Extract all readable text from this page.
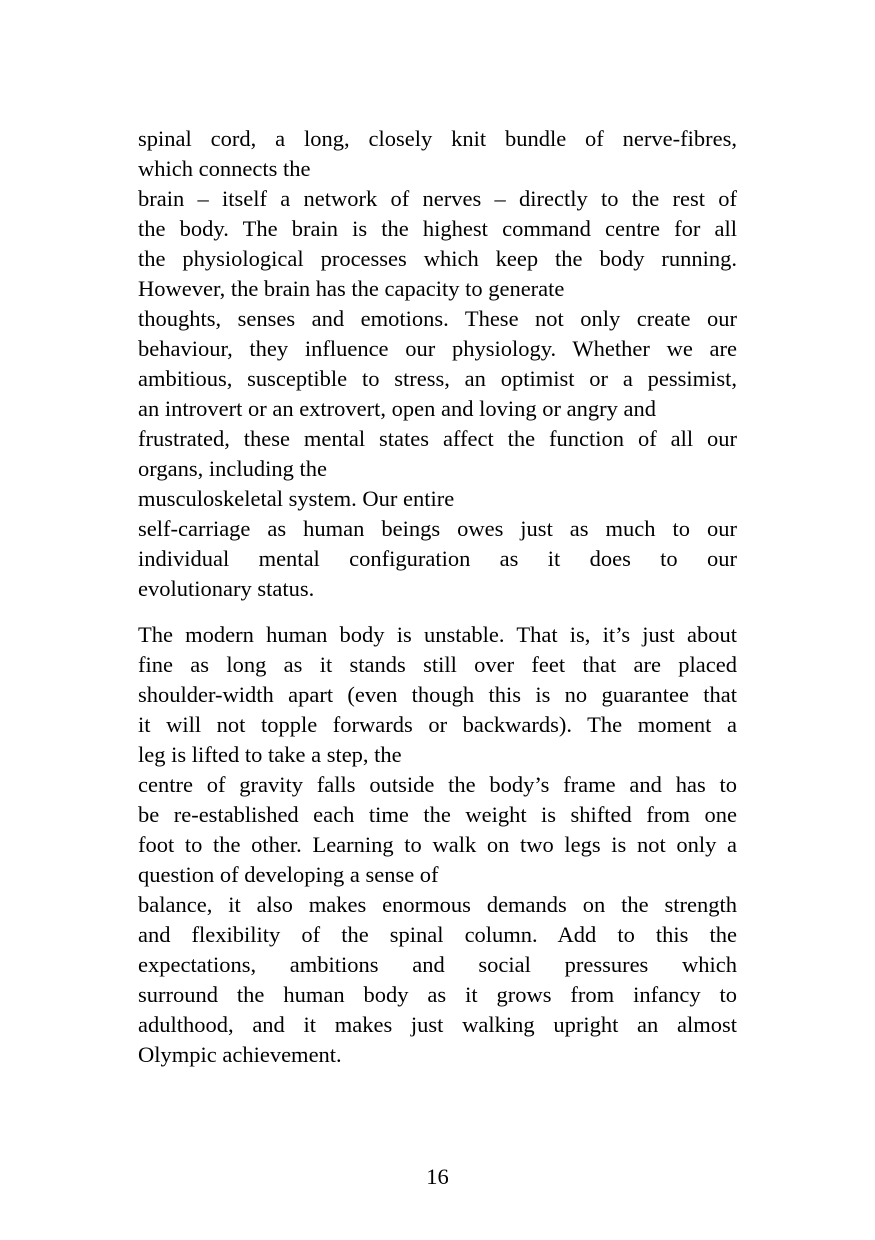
spinal cord, a long, closely knit bundle of nerve-fibres,
which connects the
brain – itself a network of nerves – directly to the rest of
the body. The brain is the highest command centre for all
the physiological processes which keep the body running.
However, the brain has the capacity to generate
thoughts, senses and emotions. These not only create our
behaviour, they influence our physiology. Whether we are
ambitious, susceptible to stress, an optimist or a pessimist,
an introvert or an extrovert, open and loving or angry and
frustrated, these mental states affect the function of all our
organs, including the
musculoskeletal system. Our entire
self-carriage as human beings owes just as much to our
individual mental configuration as it does to our
evolutionary status.
The modern human body is unstable. That is, it’s just about
fine as long as it stands still over feet that are placed
shoulder-width apart (even though this is no guarantee that
it will not topple forwards or backwards). The moment a
leg is lifted to take a step, the
centre of gravity falls outside the body’s frame and has to
be re-established each time the weight is shifted from one
foot to the other. Learning to walk on two legs is not only a
question of developing a sense of
balance, it also makes enormous demands on the strength
and flexibility of the spinal column. Add to this the
expectations, ambitions and social pressures which
surround the human body as it grows from infancy to
adulthood, and it makes just walking upright an almost
Olympic achievement.
16
